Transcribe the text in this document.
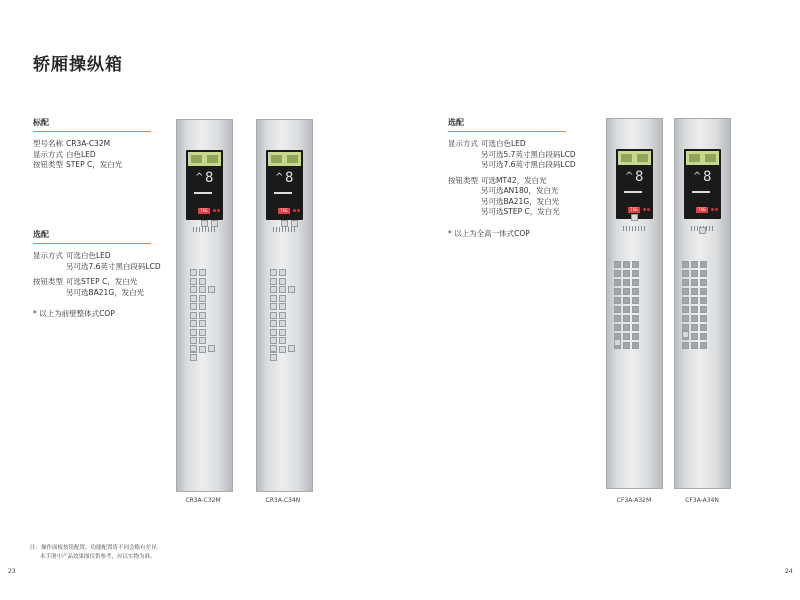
轿厢操纵箱
标配
型号名称 CR3A-C32M
显示方式 白色LED
按钮类型 STEP C，发白光
选配
显示方式 可选白色LED
另可选7.6英寸黑白段码LCD
按钮类型 可选STEP C，发白光
另可选BA21G，发白光
* 以上为前壁整体式COP
选配
显示方式 可选白色LED
另可选5.7英寸黑白段码LCD
另可选7.6英寸黑白段码LCD
按钮类型 可选MT42，发白光
另可选AN180，发白光
另可选BA21G，发白光
另可选STEP C，发白光
* 以上为全高一体式COP
^ 8
TKE
^ 8
TKE
^ 8
TKE
^ 8
TKE
CR3A-C32M	CR3A-C34N	CF3A-A32M	CF3A-A34N
注：操作面板按钮配置、功能配置将不同会略有差异。
本手册中产品效果图仅供参考，应以实物为准。
23	24
